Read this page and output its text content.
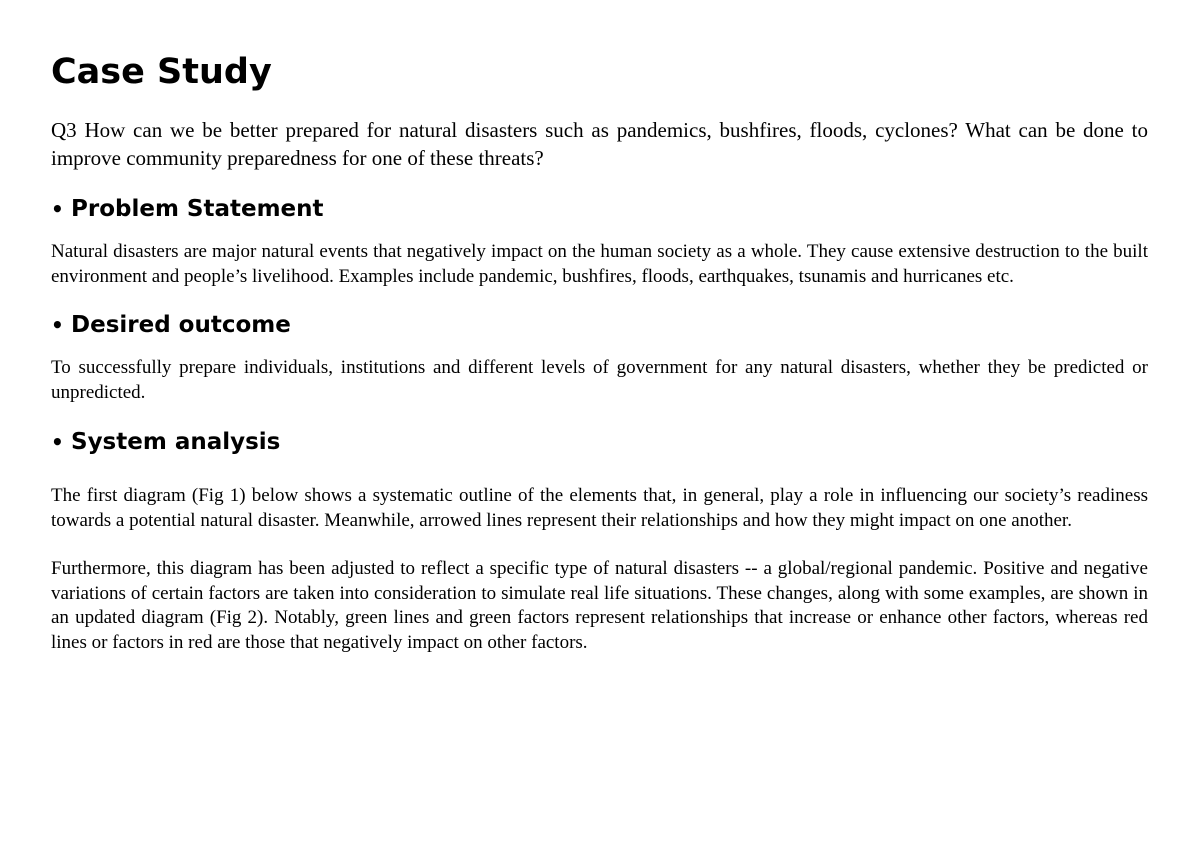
Case Study

Q3 How can we be better prepared for natural disasters such as pandemics, bushfires, floods, cyclones? What can be done to improve community preparedness for one of these threats?

• Problem Statement

Natural disasters are major natural events that negatively impact on the human society as a whole. They cause extensive destruction to the built environment and people’s livelihood. Examples include pandemic, bushfires, floods, earthquakes, tsunamis and hurricanes etc.

• Desired outcome

To successfully prepare individuals, institutions and different levels of government for any natural disasters, whether they be predicted or unpredicted.

• System analysis

The first diagram (Fig 1) below shows a systematic outline of the elements that, in general, play a role in influencing our society’s readiness towards a potential natural disaster. Meanwhile, arrowed lines represent their relationships and how they might impact on one another.

Furthermore, this diagram has been adjusted to reflect a specific type of natural disasters -- a global/regional pandemic. Positive and negative variations of certain factors are taken into consideration to simulate real life situations. These changes, along with some examples, are shown in an updated diagram (Fig 2). Notably, green lines and green factors represent relationships that increase or enhance other factors, whereas red lines or factors in red are those that negatively impact on other factors.
